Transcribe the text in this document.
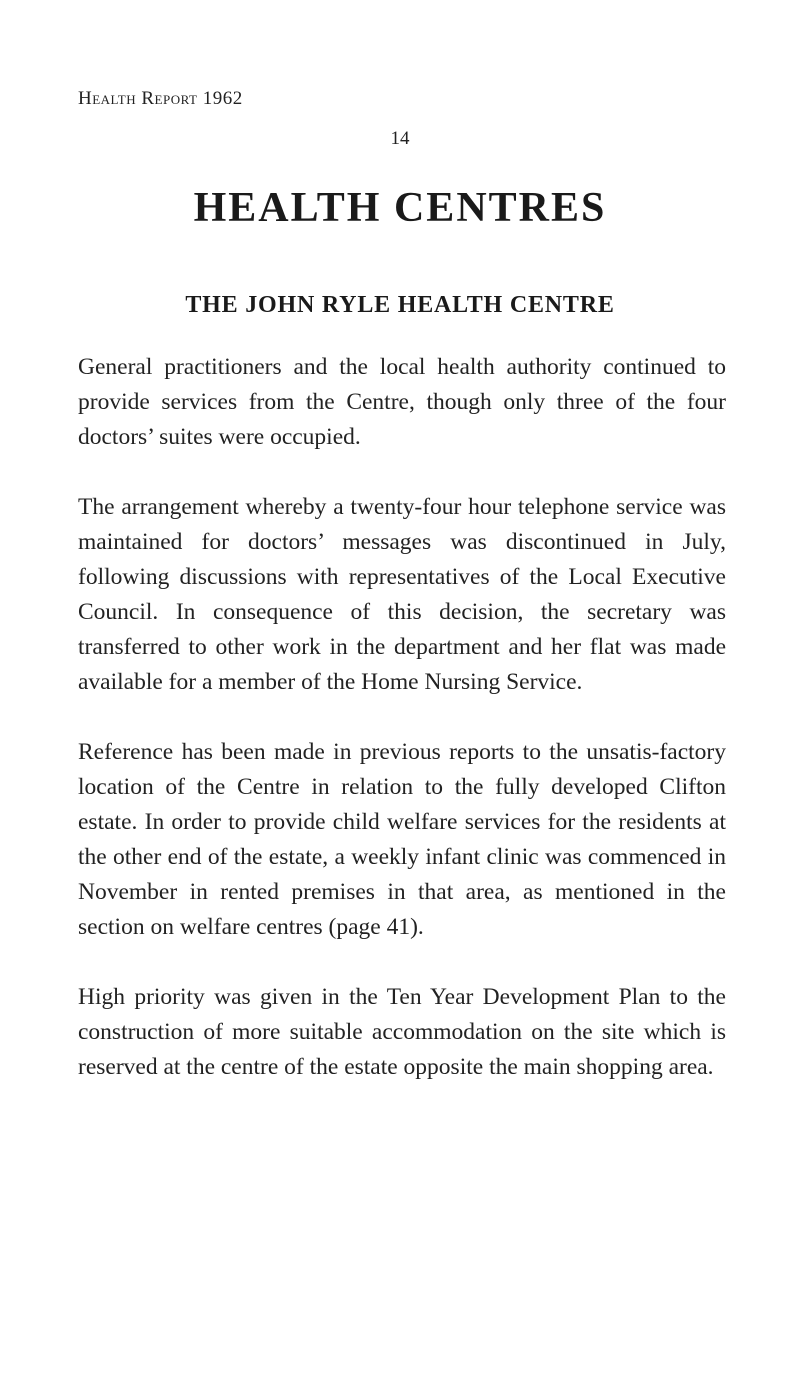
Health Report 1962
14
HEALTH CENTRES
THE JOHN RYLE HEALTH CENTRE

General practitioners and the local health authority continued to provide services from the Centre, though only three of the four doctors’ suites were occupied.

The arrangement whereby a twenty-four hour telephone service was maintained for doctors’ messages was discontinued in July, following discussions with representatives of the Local Executive Council. In consequence of this decision, the secretary was transferred to other work in the department and her flat was made available for a member of the Home Nursing Service.

Reference has been made in previous reports to the unsatis-factory location of the Centre in relation to the fully developed Clifton estate. In order to provide child welfare services for the residents at the other end of the estate, a weekly infant clinic was commenced in November in rented premises in that area, as mentioned in the section on welfare centres (page 41).

High priority was given in the Ten Year Development Plan to the construction of more suitable accommodation on the site which is reserved at the centre of the estate opposite the main shopping area.
